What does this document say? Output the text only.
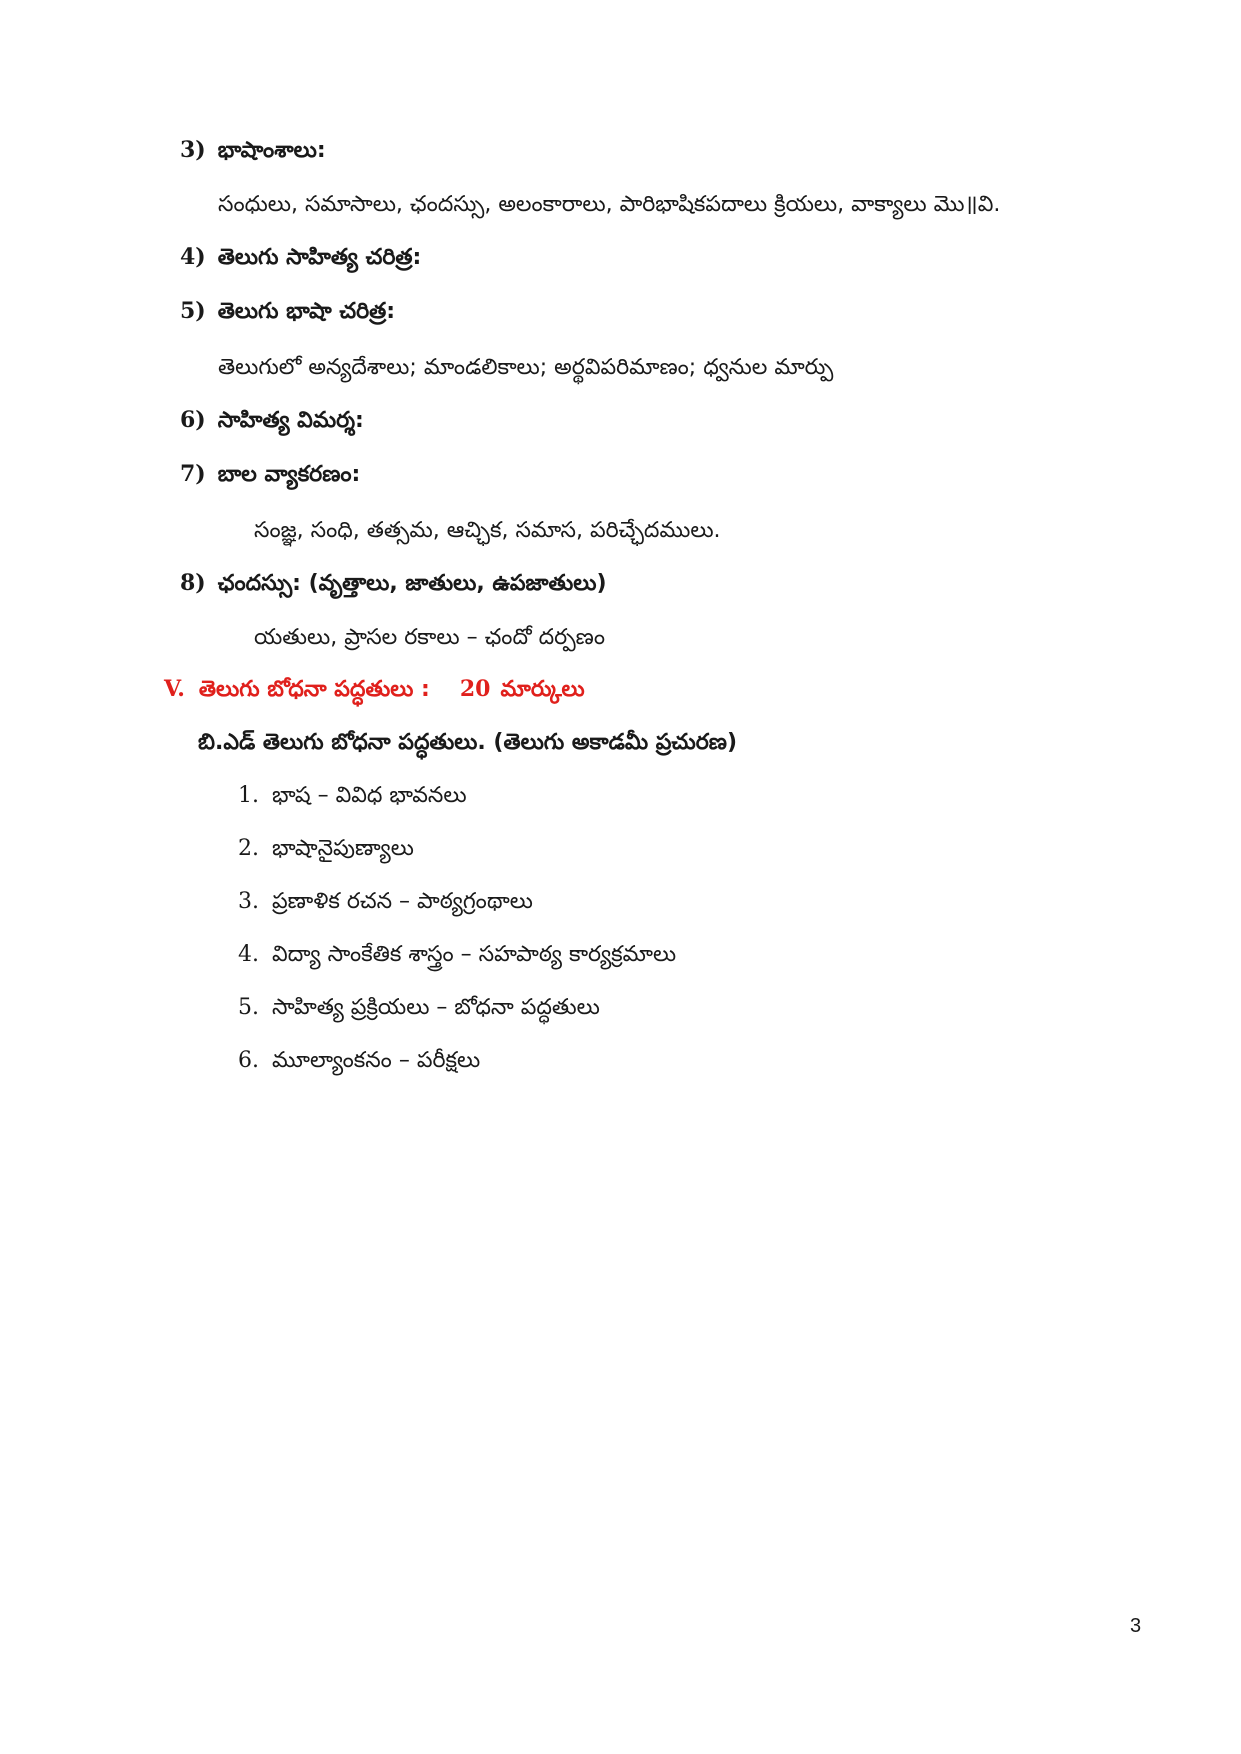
3) భాషాంశాలు:
సంధులు, సమాసాలు, ఛందస్సు, అలంకారాలు, పారిభాషికపదాలు క్రియలు, వాక్యాలు మొ॥వి.
4) తెలుగు సాహిత్య చరిత్ర:
5) తెలుగు భాషా చరిత్ర:
తెలుగులో అన్యదేశాలు; మాండలికాలు; అర్థవిపరిమాణం; ధ్వనుల మార్పు
6) సాహిత్య విమర్శ:
7) బాల వ్యాకరణం:
సంజ్ఞ, సంధి, తత్సమ, ఆచ్ఛిక, సమాస, పరిచ్ఛేదములు.
8) ఛందస్సు: (వృత్తాలు, జాతులు, ఉపజాతులు)
యతులు, ప్రాసల రకాలు – ఛందో దర్పణం
V. తెలుగు బోధనా పద్ధతులు : 20 మార్కులు
బి.ఎడ్ తెలుగు బోధనా పద్ధతులు. (తెలుగు అకాడమీ ప్రచురణ)
1. భాష – వివిధ భావనలు
2. భాషానైపుణ్యాలు
3. ప్రణాళిక రచన – పాఠ్యగ్రంథాలు
4. విద్యా సాంకేతిక శాస్త్రం – సహపాఠ్య కార్యక్రమాలు
5. సాహిత్య ప్రక్రియలు – బోధనా పద్ధతులు
6. మూల్యాంకనం – పరీక్షలు
3
